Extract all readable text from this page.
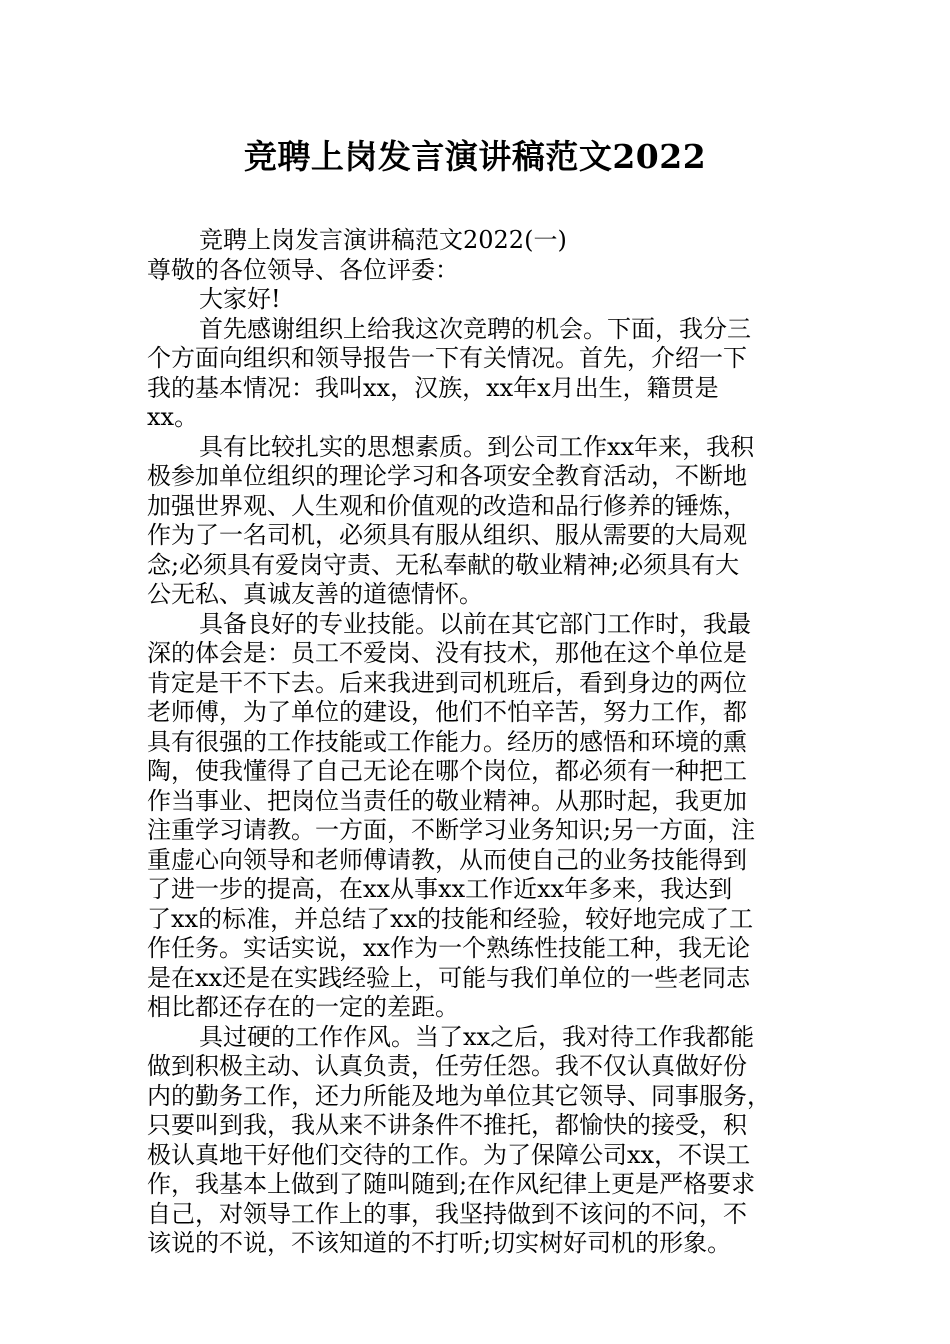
竞聘上岗发言演讲稿范文2022

竞聘上岗发言演讲稿范文2022(一)

尊敬的各位领导、各位评委：

大家好!

首先感谢组织上给我这次竞聘的机会。下面，我分三

个方面向组织和领导报告一下有关情况。首先，介绍一下

我的基本情况：我叫xx，汉族，xx年x月出生，籍贯是

xx。

具有比较扎实的思想素质。到公司工作xx年来，我积

极参加单位组织的理论学习和各项安全教育活动，不断地

加强世界观、人生观和价值观的改造和品行修养的锤炼，

作为了一名司机，必须具有服从组织、服从需要的大局观

念;必须具有爱岗守责、无私奉献的敬业精神;必须具有大

公无私、真诚友善的道德情怀。

具备良好的专业技能。以前在其它部门工作时，我最

深的体会是：员工不爱岗、没有技术，那他在这个单位是

肯定是干不下去。后来我进到司机班后，看到身边的两位

老师傅，为了单位的建设，他们不怕辛苦，努力工作，都

具有很强的工作技能或工作能力。经历的感悟和环境的熏

陶，使我懂得了自己无论在哪个岗位，都必须有一种把工

作当事业、把岗位当责任的敬业精神。从那时起，我更加

注重学习请教。一方面，不断学习业务知识;另一方面，注

重虚心向领导和老师傅请教，从而使自己的业务技能得到

了进一步的提高，在xx从事xx工作近xx年多来，我达到

了xx的标准，并总结了xx的技能和经验，较好地完成了工

作任务。实话实说，xx作为一个熟练性技能工种，我无论

是在xx还是在实践经验上，可能与我们单位的一些老同志

相比都还存在的一定的差距。

具过硬的工作作风。当了xx之后，我对待工作我都能

做到积极主动、认真负责，任劳任怨。我不仅认真做好份

内的勤务工作，还力所能及地为单位其它领导、同事服务，

只要叫到我，我从来不讲条件不推托，都愉快的接受，积

极认真地干好他们交待的工作。为了保障公司xx，不误工

作，我基本上做到了随叫随到;在作风纪律上更是严格要求

自己，对领导工作上的事，我坚持做到不该问的不问，不

该说的不说，不该知道的不打听;切实树好司机的形象。
